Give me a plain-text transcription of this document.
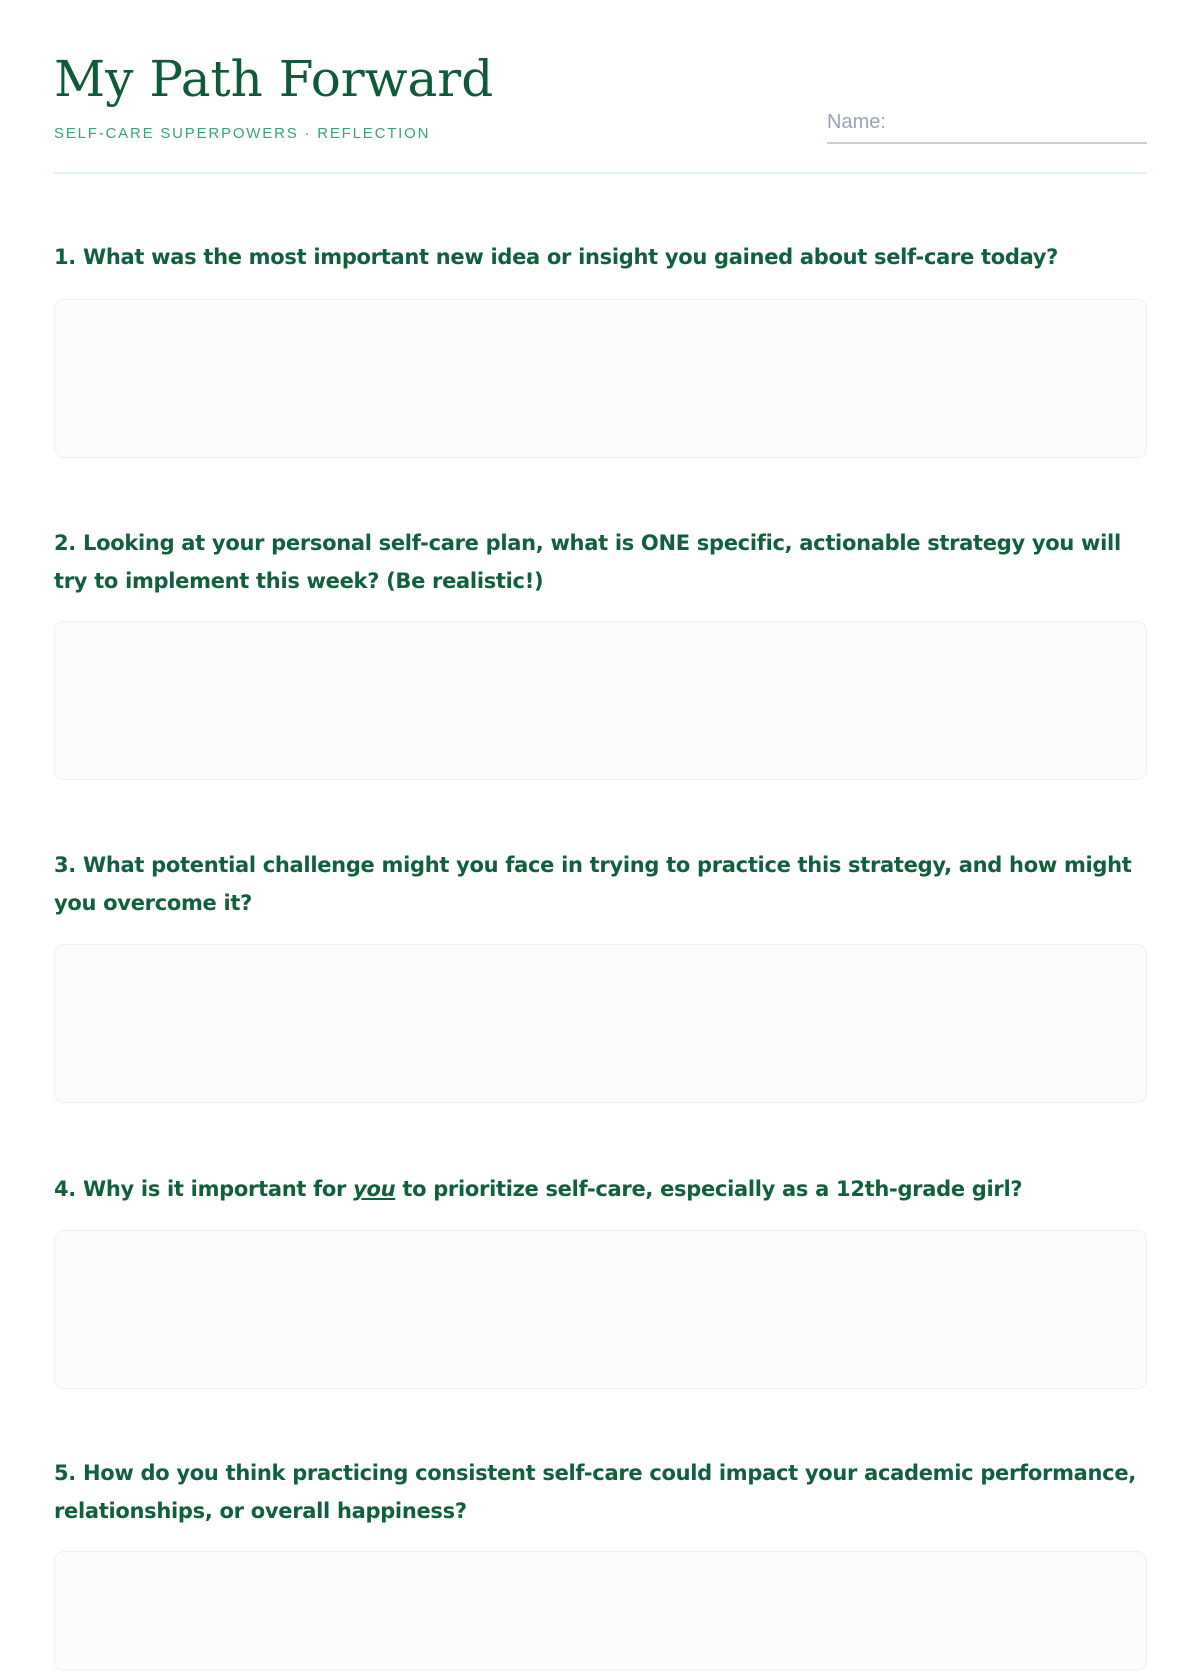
My Path Forward
SELF-CARE SUPERPOWERS · REFLECTION
Name:

1. What was the most important new idea or insight you gained about self-care today?

2. Looking at your personal self-care plan, what is ONE specific, actionable strategy you will try to implement this week? (Be realistic!)

3. What potential challenge might you face in trying to practice this strategy, and how might you overcome it?

4. Why is it important for you to prioritize self-care, especially as a 12th-grade girl?

5. How do you think practicing consistent self-care could impact your academic performance, relationships, or overall happiness?
